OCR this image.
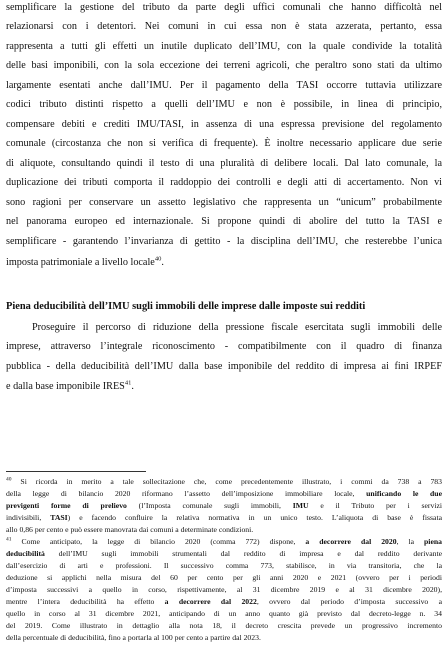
semplificare la gestione del tributo da parte degli uffici comunali che hanno difficoltà nel
relazionarsi con i detentori. Nei comuni in cui essa non è stata azzerata, pertanto, essa
rappresenta a tutti gli effetti un inutile duplicato dell’IMU, con la quale condivide la totalità
delle basi imponibili, con la sola eccezione dei terreni agricoli, che peraltro sono stati da ultimo
largamente esentati anche dall’IMU. Per il pagamento della TASI occorre tuttavia utilizzare
codici tributo distinti rispetto a quelli dell’IMU e non è possibile, in linea di principio,
compensare debiti e crediti IMU/TASI, in assenza di una espressa previsione del regolamento
comunale (circostanza che non si verifica di frequente). È inoltre necessario applicare due serie
di aliquote, consultando quindi il testo di una pluralità di delibere locali. Dal lato comunale, la
duplicazione dei tributi comporta il raddoppio dei controlli e degli atti di accertamento. Non vi
sono ragioni per conservare un assetto legislativo che rappresenta un “unicum” probabilmente
nel panorama europeo ed internazionale. Si propone quindi di abolire del tutto la TASI e
semplificare - garantendo l’invarianza di gettito - la disciplina dell’IMU, che resterebbe l’unica
imposta patrimoniale a livello locale$^{40}$.
Piena deducibilità dell’IMU sugli immobili delle imprese dalle imposte sui redditi
Proseguire il percorso di riduzione della pressione fiscale esercitata sugli immobili delle
imprese, attraverso l’integrale riconoscimento - compatibilmente con il quadro di finanza
pubblica - della deducibilità dell’IMU dalla base imponibile del reddito di impresa ai fini IRPEF
e dalla base imponibile IRES$^{41}$.
$^{40}$ Si ricorda in merito a tale sollecitazione che, come precedentemente illustrato, i commi da 738 a 783
della legge di bilancio 2020 riformano l’assetto dell’imposizione immobiliare locale, unificando le due
previgenti forme di prelievo (l’Imposta comunale sugli immobili, IMU e il Tributo per i servizi
indivisibili, TASI) e facendo confluire la relativa normativa in un unico testo. L’aliquota di base è fissata
allo 0,86 per cento e può essere manovrata dai comuni a determinate condizioni.
$^{41}$ Come anticipato, la legge di bilancio 2020 (comma 772) dispone, a decorrere dal 2020, la piena
deducibilità dell’IMU sugli immobili strumentali dal reddito di impresa e dal reddito derivante
dall’esercizio di arti e professioni. Il successivo comma 773, stabilisce, in via transitoria, che la
deduzione si applichi nella misura del 60 per cento per gli anni 2020 e 2021 (ovvero per i periodi
d’imposta successivi a quello in corso, rispettivamente, al 31 dicembre 2019 e al 31 dicembre 2020),
mentre l’intera deducibilità ha effetto a decorrere dal 2022, ovvero dal periodo d’imposta successivo a
quello in corso al 31 dicembre 2021, anticipando di un anno quanto già previsto dal decreto-legge n. 34
del 2019. Come illustrato in dettaglio alla nota 18, il decreto crescita prevede un progressivo incremento
della percentuale di deducibilità, fino a portarla al 100 per cento a partire dal 2023.
